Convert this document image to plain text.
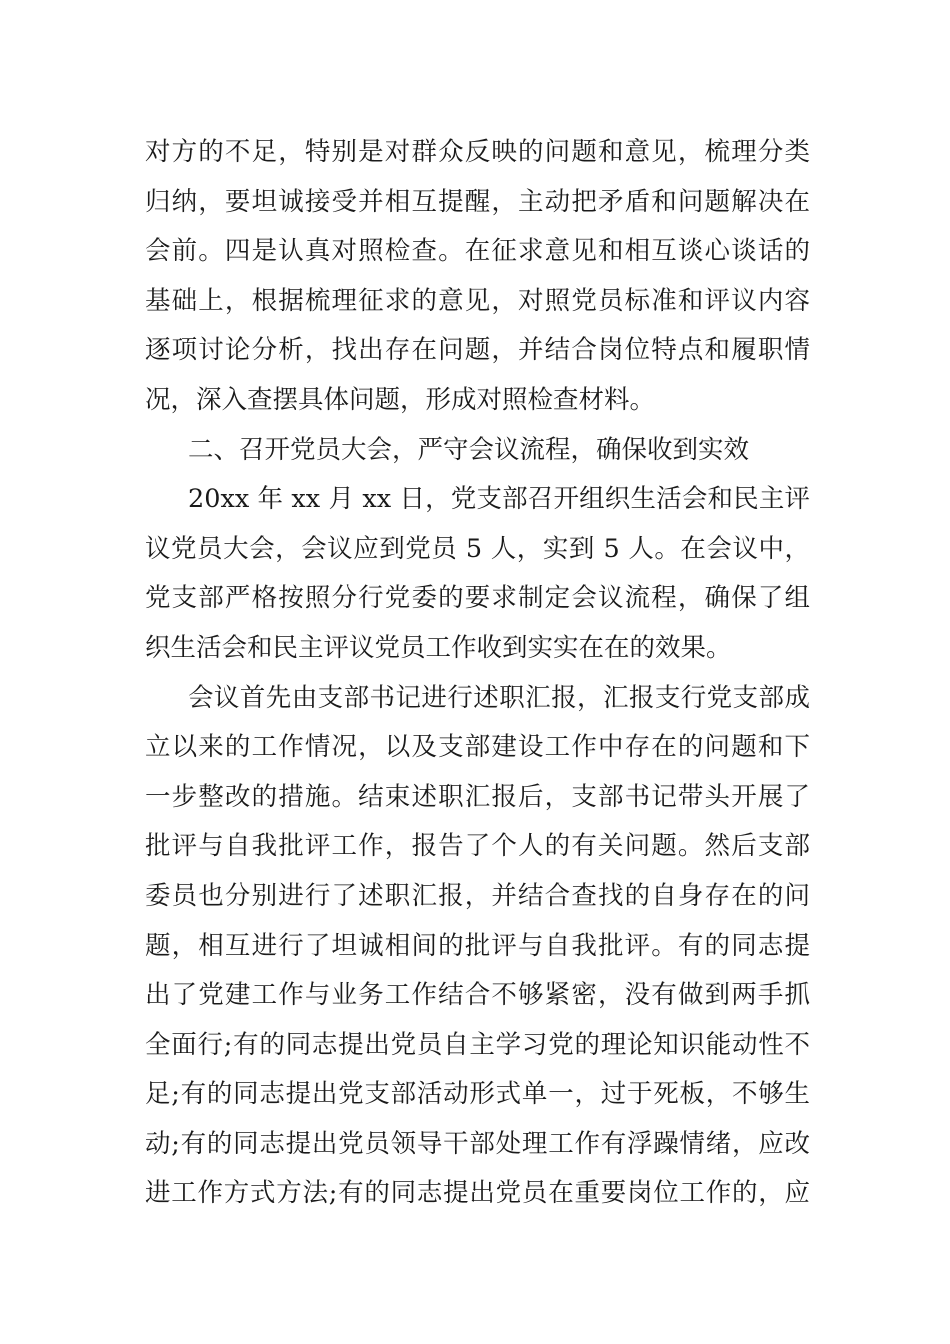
对方的不足，特别是对群众反映的问题和意见，梳理分类
归纳，要坦诚接受并相互提醒，主动把矛盾和问题解决在
会前。四是认真对照检查。在征求意见和相互谈心谈话的
基础上，根据梳理征求的意见，对照党员标准和评议内容
逐项讨论分析，找出存在问题，并结合岗位特点和履职情
况，深入查摆具体问题，形成对照检查材料。
二、召开党员大会，严守会议流程，确保收到实效
20xx 年 xx 月 xx 日，党支部召开组织生活会和民主评
议党员大会，会议应到党员 5 人，实到 5 人。在会议中，
党支部严格按照分行党委的要求制定会议流程，确保了组
织生活会和民主评议党员工作收到实实在在的效果。
会议首先由支部书记进行述职汇报，汇报支行党支部成
立以来的工作情况，以及支部建设工作中存在的问题和下
一步整改的措施。结束述职汇报后，支部书记带头开展了
批评与自我批评工作，报告了个人的有关问题。然后支部
委员也分别进行了述职汇报，并结合查找的自身存在的问
题，相互进行了坦诚相间的批评与自我批评。有的同志提
出了党建工作与业务工作结合不够紧密，没有做到两手抓
全面行;有的同志提出党员自主学习党的理论知识能动性不
足;有的同志提出党支部活动形式单一，过于死板，不够生
动;有的同志提出党员领导干部处理工作有浮躁情绪，应改
进工作方式方法;有的同志提出党员在重要岗位工作的，应
